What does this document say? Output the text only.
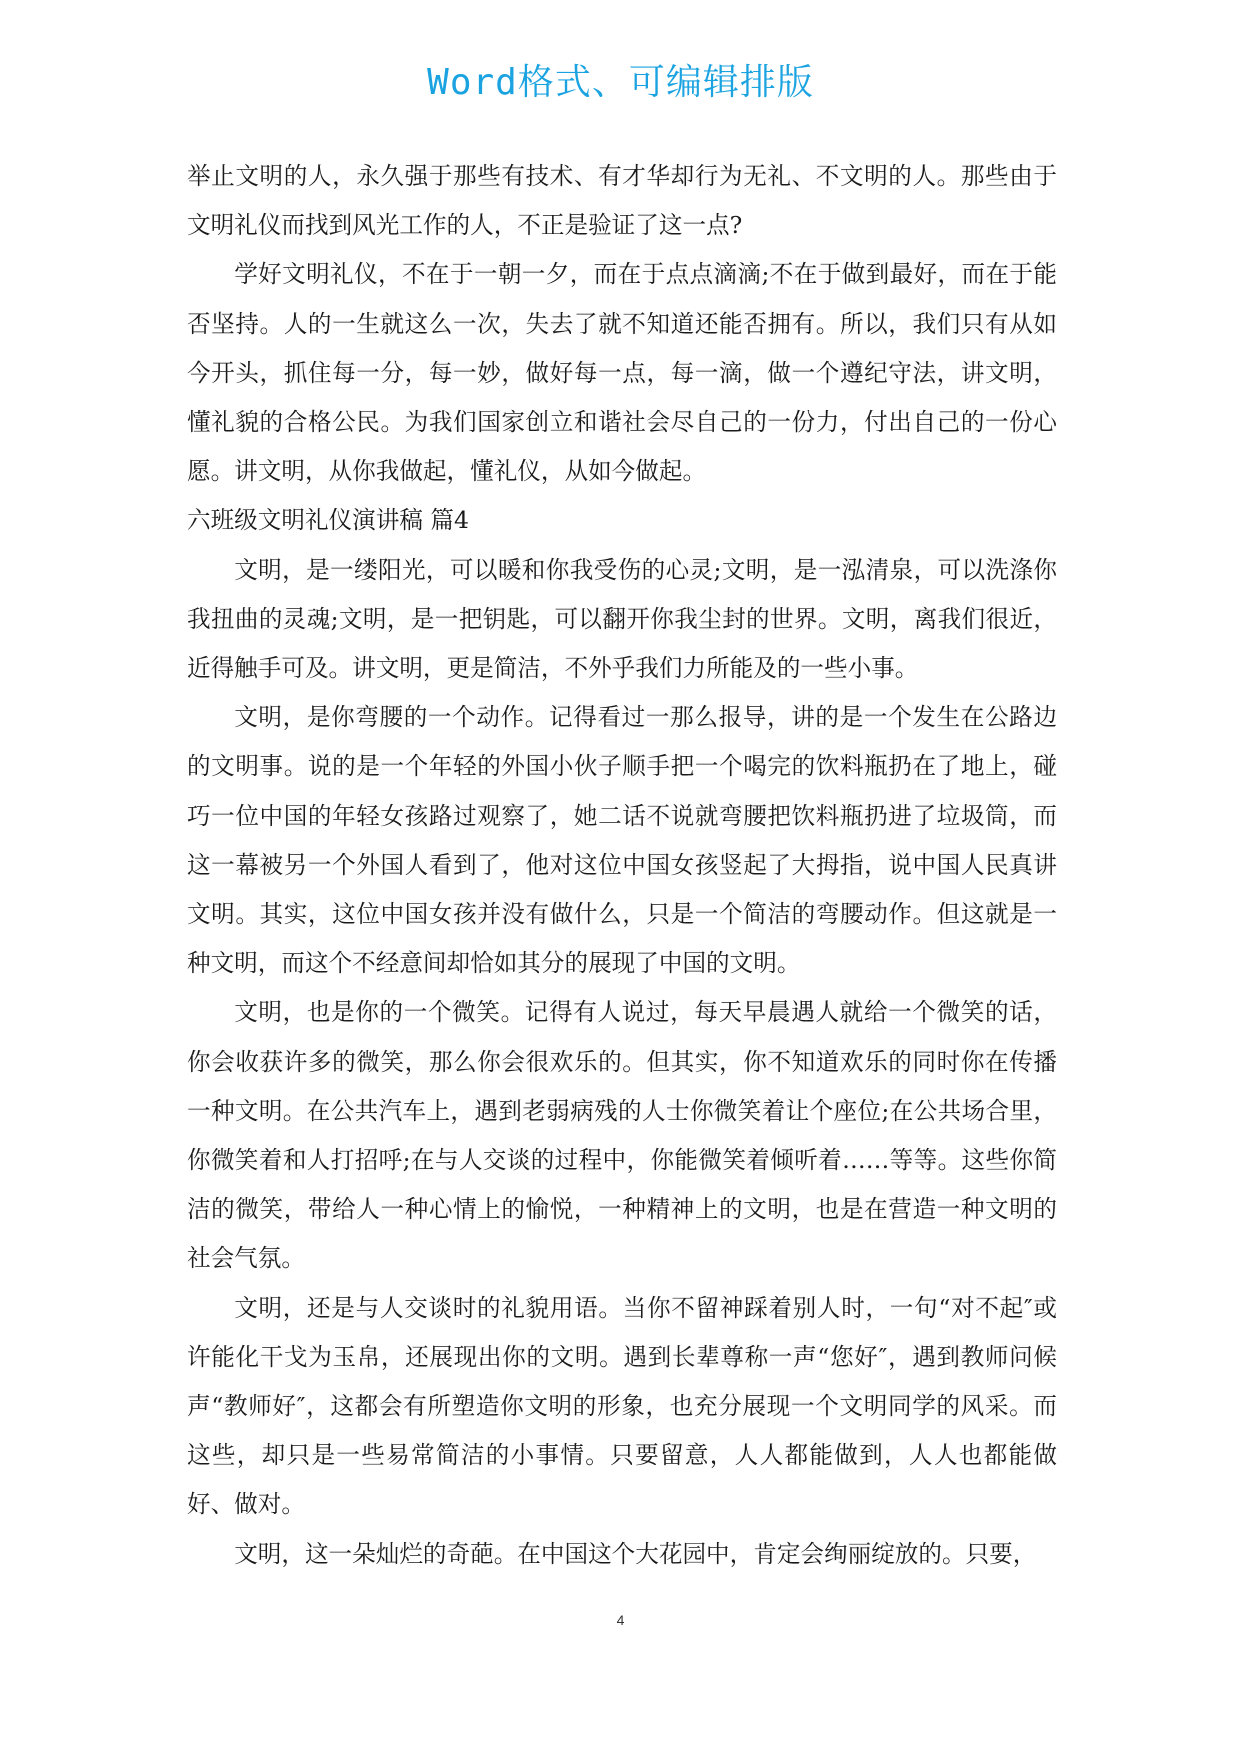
Word格式、可编辑排版

举止文明的人，永久强于那些有技术、有才华却行为无礼、不文明的人。那些由于文明礼仪而找到风光工作的人，不正是验证了这一点?

学好文明礼仪，不在于一朝一夕，而在于点点滴滴;不在于做到最好，而在于能否坚持。人的一生就这么一次，失去了就不知道还能否拥有。所以，我们只有从如今开头，抓住每一分，每一妙，做好每一点，每一滴，做一个遵纪守法，讲文明，懂礼貌的合格公民。为我们国家创立和谐社会尽自己的一份力，付出自己的一份心愿。讲文明，从你我做起，懂礼仪，从如今做起。

六班级文明礼仪演讲稿 篇4

文明，是一缕阳光，可以暖和你我受伤的心灵;文明，是一泓清泉，可以洗涤你我扭曲的灵魂;文明，是一把钥匙，可以翻开你我尘封的世界。文明，离我们很近，近得触手可及。讲文明，更是简洁，不外乎我们力所能及的一些小事。

文明，是你弯腰的一个动作。记得看过一那么报导，讲的是一个发生在公路边的文明事。说的是一个年轻的外国小伙子顺手把一个喝完的饮料瓶扔在了地上，碰巧一位中国的年轻女孩路过观察了，她二话不说就弯腰把饮料瓶扔进了垃圾筒，而这一幕被另一个外国人看到了，他对这位中国女孩竖起了大拇指，说中国人民真讲文明。其实，这位中国女孩并没有做什么，只是一个简洁的弯腰动作。但这就是一种文明，而这个不经意间却恰如其分的展现了中国的文明。

文明，也是你的一个微笑。记得有人说过，每天早晨遇人就给一个微笑的话，你会收获许多的微笑，那么你会很欢乐的。但其实，你不知道欢乐的同时你在传播一种文明。在公共汽车上，遇到老弱病残的人士你微笑着让个座位;在公共场合里，你微笑着和人打招呼;在与人交谈的过程中，你能微笑着倾听着……等等。这些你简洁的微笑，带给人一种心情上的愉悦，一种精神上的文明，也是在营造一种文明的社会气氛。

文明，还是与人交谈时的礼貌用语。当你不留神踩着别人时，一句“对不起″或许能化干戈为玉帛，还展现出你的文明。遇到长辈尊称一声“您好″，遇到教师问候声“教师好″，这都会有所塑造你文明的形象，也充分展现一个文明同学的风采。而这些，却只是一些易常简洁的小事情。只要留意，人人都能做到，人人也都能做好、做对。

文明，这一朵灿烂的奇葩。在中国这个大花园中，肯定会绚丽绽放的。只要，

4
